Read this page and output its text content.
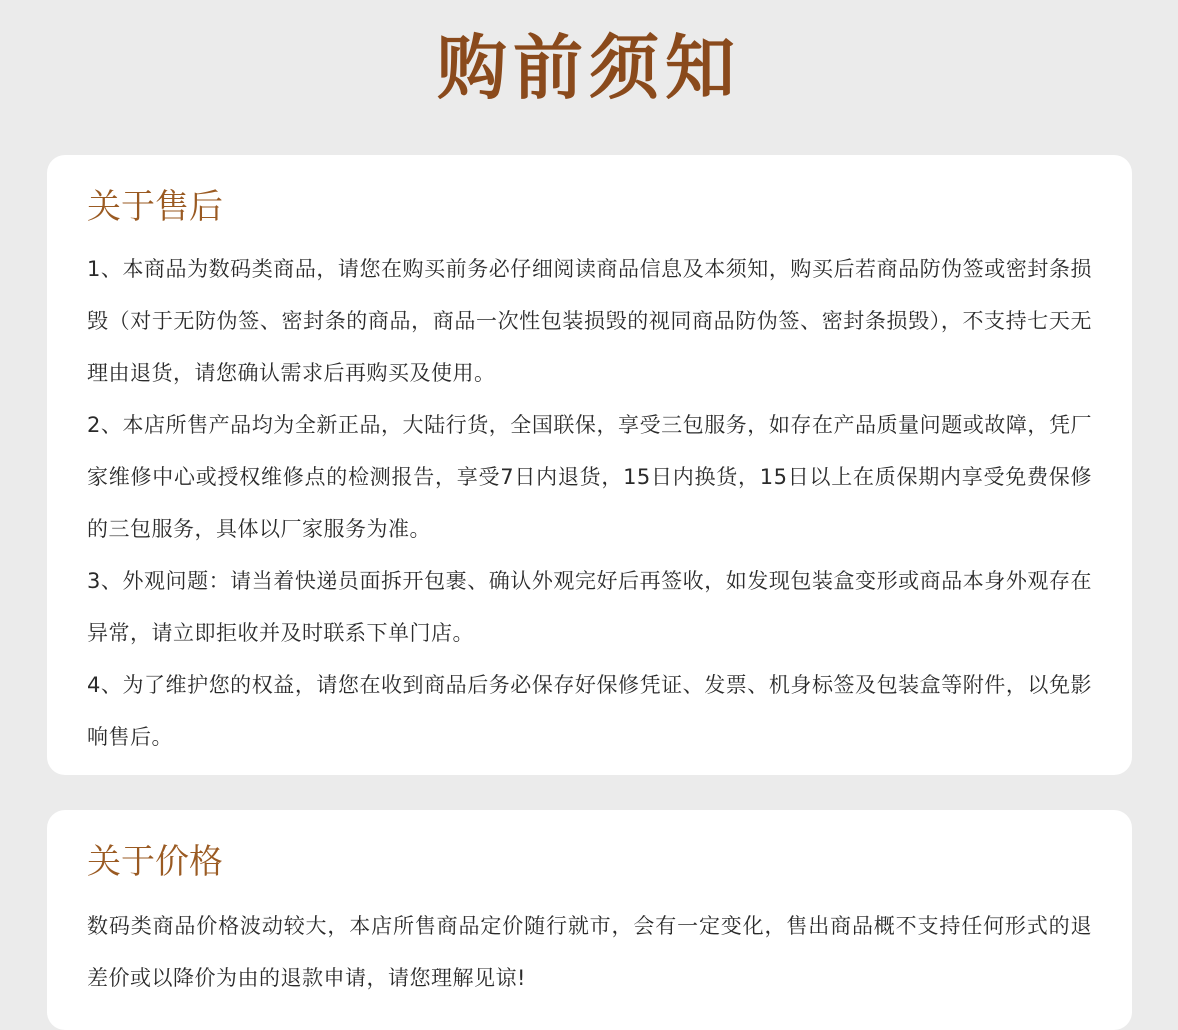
购前须知
关于售后

1、本商品为数码类商品，请您在购买前务必仔细阅读商品信息及本须知，购买后若商品防伪签或密封条损毁（对于无防伪签、密封条的商品，商品一次性包装损毁的视同商品防伪签、密封条损毁），不支持七天无理由退货，请您确认需求后再购买及使用。

2、本店所售产品均为全新正品，大陆行货，全国联保，享受三包服务，如存在产品质量问题或故障，凭厂家维修中心或授权维修点的检测报告，享受7日内退货，15日内换货，15日以上在质保期内享受免费保修的三包服务，具体以厂家服务为准。

3、外观问题：请当着快递员面拆开包裹、确认外观完好后再签收，如发现包装盒变形或商品本身外观存在异常，请立即拒收并及时联系下单门店。

4、为了维护您的权益，请您在收到商品后务必保存好保修凭证、发票、机身标签及包装盒等附件，以免影响售后。

关于价格

数码类商品价格波动较大，本店所售商品定价随行就市，会有一定变化，售出商品概不支持任何形式的退差价或以降价为由的退款申请，请您理解见谅!
